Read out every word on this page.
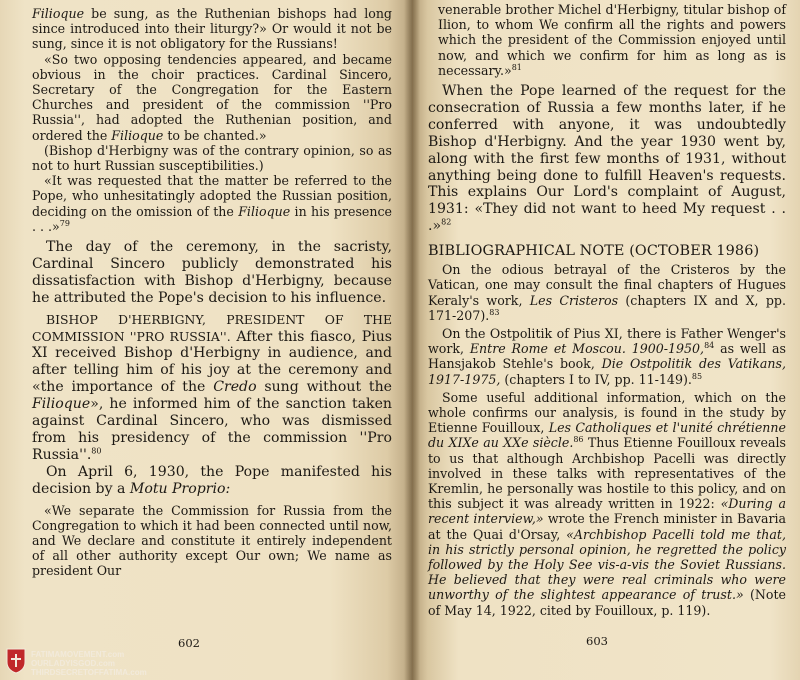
Filioque be sung, as the Ruthenian bishops had long since introduced into their liturgy?» Or would it not be sung, since it is not obligatory for the Russians!

«So two opposing tendencies appeared, and became obvious in the choir practices. Cardinal Sincero, Secretary of the Congregation for the Eastern Churches and president of the commission ''Pro Russia'', had adopted the Ruthenian position, and ordered the Filioque to be chanted.»

(Bishop d'Herbigny was of the contrary opinion, so as not to hurt Russian susceptibilities.)

«It was requested that the matter be referred to the Pope, who unhesitatingly adopted the Russian position, deciding on the omission of the Filioque in his presence . . .»$^{79}$

The day of the ceremony, in the sacristy, Cardinal Sincero publicly demonstrated his dissatisfaction with Bishop d'Herbigny, because he attributed the Pope's decision to his influence.

BISHOP D'HERBIGNY, PRESIDENT OF THE COMMISSION ''PRO RUSSIA''. After this fiasco, Pius XI received Bishop d'Herbigny in audience, and after telling him of his joy at the ceremony and «the importance of the Credo sung without the Filioque», he informed him of the sanction taken against Cardinal Sincero, who was dismissed from his presidency of the commission ''Pro Russia''.$^{80}$

On April 6, 1930, the Pope manifested his decision by a Motu Proprio:

«We separate the Commission for Russia from the Congregation to which it had been connected until now, and We declare and constitute it entirely independent of all other authority except Our own; We name as president Our

602

venerable brother Michel d'Herbigny, titular bishop of Ilion, to whom We confirm all the rights and powers which the president of the Commission enjoyed until now, and which we confirm for him as long as is necessary.»$^{81}$

When the Pope learned of the request for the consecration of Russia a few months later, if he conferred with anyone, it was undoubtedly Bishop d'Herbigny. And the year 1930 went by, along with the first few months of 1931, without anything being done to fulfill Heaven's requests. This explains Our Lord's complaint of August, 1931: «They did not want to heed My request . . .»$^{82}$

BIBLIOGRAPHICAL NOTE (OCTOBER 1986)

On the odious betrayal of the Cristeros by the Vatican, one may consult the final chapters of Hugues Keraly's work, Les Cristeros (chapters IX and X, pp. 171-207).$^{83}$

On the Ostpolitik of Pius XI, there is Father Wenger's work, Entre Rome et Moscou. 1900-1950,84 as well as Hansjakob Stehle's book, Die Ostpolitik des Vatikans, 1917-1975, (chapters I to IV, pp. 11-149).$^{85}$

Some useful additional information, which on the whole confirms our analysis, is found in the study by Etienne Fouilloux, Les Catholiques et l'unité chrétienne du XIXe au XXe siècle.$^{86}$ Thus Etienne Fouilloux reveals to us that although Archbishop Pacelli was directly involved in these talks with representatives of the Kremlin, he personally was hostile to this policy, and on this subject it was already written in 1922: «During a recent interview,» wrote the French minister in Bavaria at the Quai d'Orsay, «Archbishop Pacelli told me that, in his strictly personal opinion, he regretted the policy followed by the Holy See vis-a-vis the Soviet Russians. He believed that they were real criminals who were unworthy of the slightest appearance of trust.» (Note of May 14, 1922, cited by Fouilloux, p. 119).

603
FATIMAMOVEMENT.com
OURLADYISGOD.com
THIRDSECRETOFFATIMA.com
